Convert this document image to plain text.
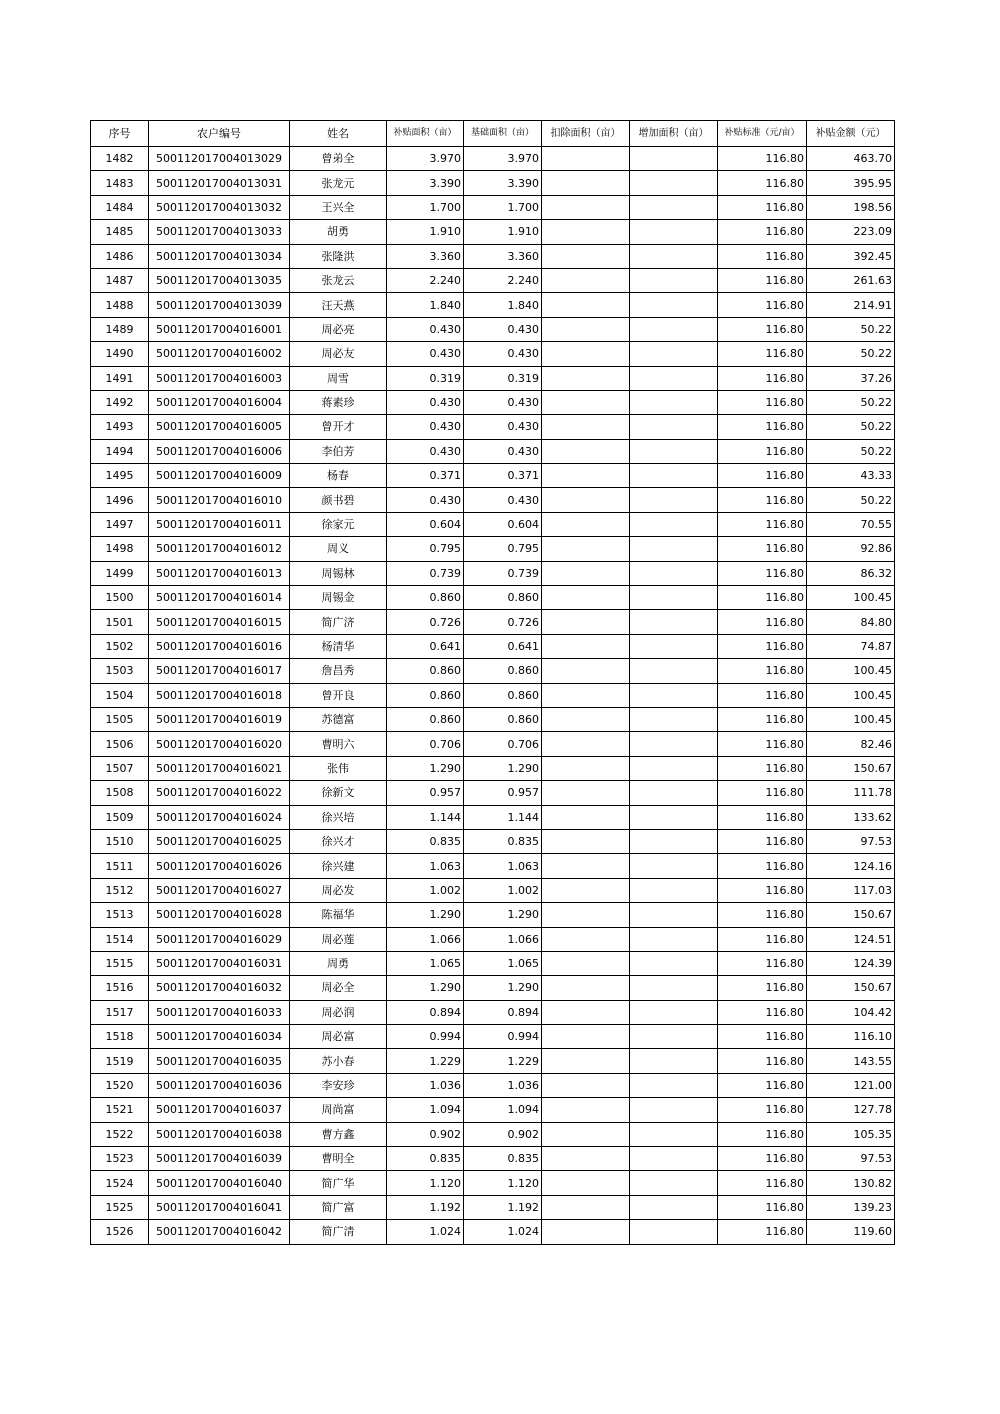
序号	农户编号	姓名	补贴面积（亩）	基础面积（亩）	扣除面积（亩）	增加面积（亩）	补贴标准（元/亩）	补贴金额（元）
1482	500112017004013029	曾弟全	3.970	3.970			116.80	463.70
1483	500112017004013031	张龙元	3.390	3.390			116.80	395.95
1484	500112017004013032	王兴全	1.700	1.700			116.80	198.56
1485	500112017004013033	胡勇	1.910	1.910			116.80	223.09
1486	500112017004013034	张隆洪	3.360	3.360			116.80	392.45
1487	500112017004013035	张龙云	2.240	2.240			116.80	261.63
1488	500112017004013039	汪天燕	1.840	1.840			116.80	214.91
1489	500112017004016001	周必亮	0.430	0.430			116.80	50.22
1490	500112017004016002	周必友	0.430	0.430			116.80	50.22
1491	500112017004016003	周雪	0.319	0.319			116.80	37.26
1492	500112017004016004	蒋素珍	0.430	0.430			116.80	50.22
1493	500112017004016005	曾开才	0.430	0.430			116.80	50.22
1494	500112017004016006	李伯芳	0.430	0.430			116.80	50.22
1495	500112017004016009	杨春	0.371	0.371			116.80	43.33
1496	500112017004016010	颜书碧	0.430	0.430			116.80	50.22
1497	500112017004016011	徐家元	0.604	0.604			116.80	70.55
1498	500112017004016012	周义	0.795	0.795			116.80	92.86
1499	500112017004016013	周锡林	0.739	0.739			116.80	86.32
1500	500112017004016014	周锡金	0.860	0.860			116.80	100.45
1501	500112017004016015	简广济	0.726	0.726			116.80	84.80
1502	500112017004016016	杨清华	0.641	0.641			116.80	74.87
1503	500112017004016017	詹昌秀	0.860	0.860			116.80	100.45
1504	500112017004016018	曾开良	0.860	0.860			116.80	100.45
1505	500112017004016019	苏德富	0.860	0.860			116.80	100.45
1506	500112017004016020	曹明六	0.706	0.706			116.80	82.46
1507	500112017004016021	张伟	1.290	1.290			116.80	150.67
1508	500112017004016022	徐新文	0.957	0.957			116.80	111.78
1509	500112017004016024	徐兴培	1.144	1.144			116.80	133.62
1510	500112017004016025	徐兴才	0.835	0.835			116.80	97.53
1511	500112017004016026	徐兴建	1.063	1.063			116.80	124.16
1512	500112017004016027	周必发	1.002	1.002			116.80	117.03
1513	500112017004016028	陈福华	1.290	1.290			116.80	150.67
1514	500112017004016029	周必莲	1.066	1.066			116.80	124.51
1515	500112017004016031	周勇	1.065	1.065			116.80	124.39
1516	500112017004016032	周必全	1.290	1.290			116.80	150.67
1517	500112017004016033	周必润	0.894	0.894			116.80	104.42
1518	500112017004016034	周必富	0.994	0.994			116.80	116.10
1519	500112017004016035	苏小春	1.229	1.229			116.80	143.55
1520	500112017004016036	李安珍	1.036	1.036			116.80	121.00
1521	500112017004016037	周尚富	1.094	1.094			116.80	127.78
1522	500112017004016038	曹方鑫	0.902	0.902			116.80	105.35
1523	500112017004016039	曹明全	0.835	0.835			116.80	97.53
1524	500112017004016040	简广华	1.120	1.120			116.80	130.82
1525	500112017004016041	简广富	1.192	1.192			116.80	139.23
1526	500112017004016042	简广清	1.024	1.024			116.80	119.60
